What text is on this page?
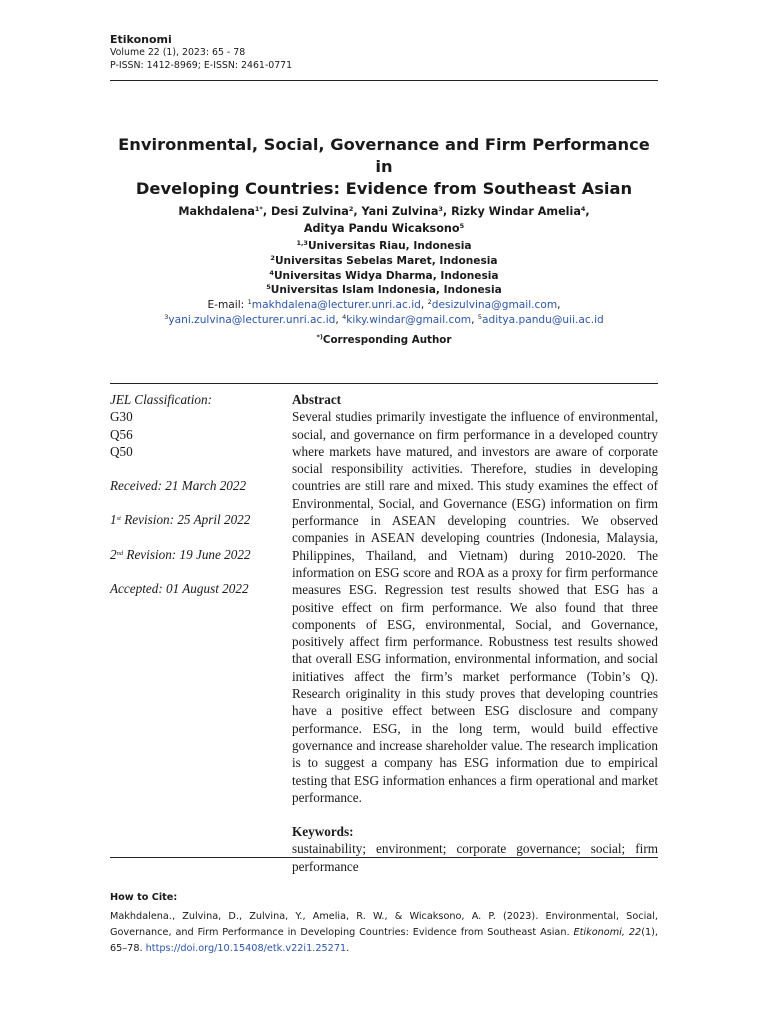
Etikonomi
Volume 22 (1), 2023: 65 - 78
P-ISSN: 1412-8969; E-ISSN: 2461-0771
Environmental, Social, Governance and Firm Performance in
Developing Countries: Evidence from Southeast Asian
Makhdalena$^{1*}$, Desi Zulvina$^2$, Yani Zulvina$^3$, Rizky Windar Amelia$^4$,
Aditya Pandu Wicaksono$^5$
$^{1,3}$Universitas Riau, Indonesia
$^2$Universitas Sebelas Maret, Indonesia
$^4$Universitas Widya Dharma, Indonesia
$^5$Universitas Islam Indonesia, Indonesia
E-mail: $^1$makhdalena@lecturer.unri.ac.id, $^2$desizulvina@gmail.com,
$^3$yani.zulvina@lecturer.unri.ac.id, $^4$kiky.windar@gmail.com, $^5$aditya.pandu@uii.ac.id
*)Corresponding Author
JEL Classification:
G30
Q56
Q50
Received: 21 March 2022
1st Revision: 25 April 2022
2nd Revision: 19 June 2022
Accepted: 01 August 2022
Abstract
Several studies primarily investigate the influence of environmental, social, and governance on firm performance in a developed country where markets have matured, and investors are aware of corporate social responsibility activities. Therefore, studies in developing countries are still rare and mixed. This study examines the effect of Environmental, Social, and Governance (ESG) information on firm performance in ASEAN developing countries. We observed companies in ASEAN developing countries (Indonesia, Malaysia, Philippines, Thailand, and Vietnam) during 2010-2020. The information on ESG score and ROA as a proxy for firm performance measures ESG. Regression test results showed that ESG has a positive effect on firm performance. We also found that three components of ESG, environmental, Social, and Governance, positively affect firm performance. Robustness test results showed that overall ESG information, environmental information, and social initiatives affect the firm’s market performance (Tobin’s Q). Research originality in this study proves that developing countries have a positive effect between ESG disclosure and company performance. ESG, in the long term, would build effective governance and increase shareholder value. The research implication is to suggest a company has ESG information due to empirical testing that ESG information enhances a firm operational and market performance.
Keywords:
sustainability; environment; corporate governance; social; firm performance
How to Cite:
Makhdalena., Zulvina, D., Zulvina, Y., Amelia, R. W., & Wicaksono, A. P. (2023). Environmental, Social, Governance, and Firm Performance in Developing Countries: Evidence from Southeast Asian. Etikonomi, 22(1), 65–78. https://doi.org/10.15408/etk.v22i1.25271.
